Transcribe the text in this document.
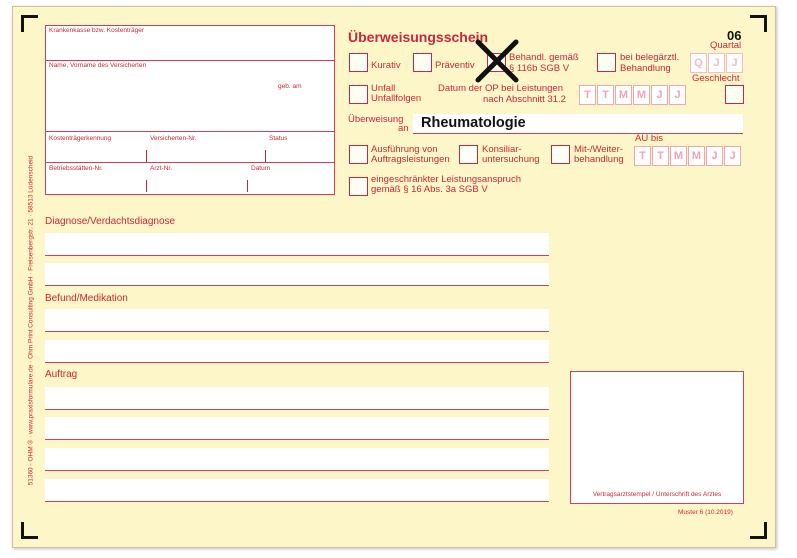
51360 - OHM ® · www.praxisformulare.de · Ohm Print Consulting GmbH · Freisenbergstr. 21 · 58513 Lüdenscheid
Krankenkasse bzw. Kostenträger
Name, Vorname des Versicherten
geb. am
Kostenträgerkennung	Versicherten-Nr.	Status
Betriebsstätten-Nr.	Arzt-Nr.	Datum
Überweisungsschein	06
Quartal
Kurativ	Präventiv
Behandl. gemäß
§ 116b SGB V
bei belegärztl.
Behandlung	Q J	J
Geschlecht
Unfall
Unfallfolgen
Datum der OP bei Leistungen
nach Abschnitt 31.2	T	T M M J	J
Überweisung
an Rheumatologie
Ausführung von
Auftragsleistungen
Konsiliar-
untersuchung
Mit-/Weiter-
behandlung
AU bis
T	T M M J	J
eingeschränkter Leistungsanspruch
gemäß § 16 Abs. 3a SGB V
Diagnose/Verdachtsdiagnose
Befund/Medikation
Auftrag
Vertragsarztstempel / Unterschrift des Arztes
Muster 6 (10.2019)
